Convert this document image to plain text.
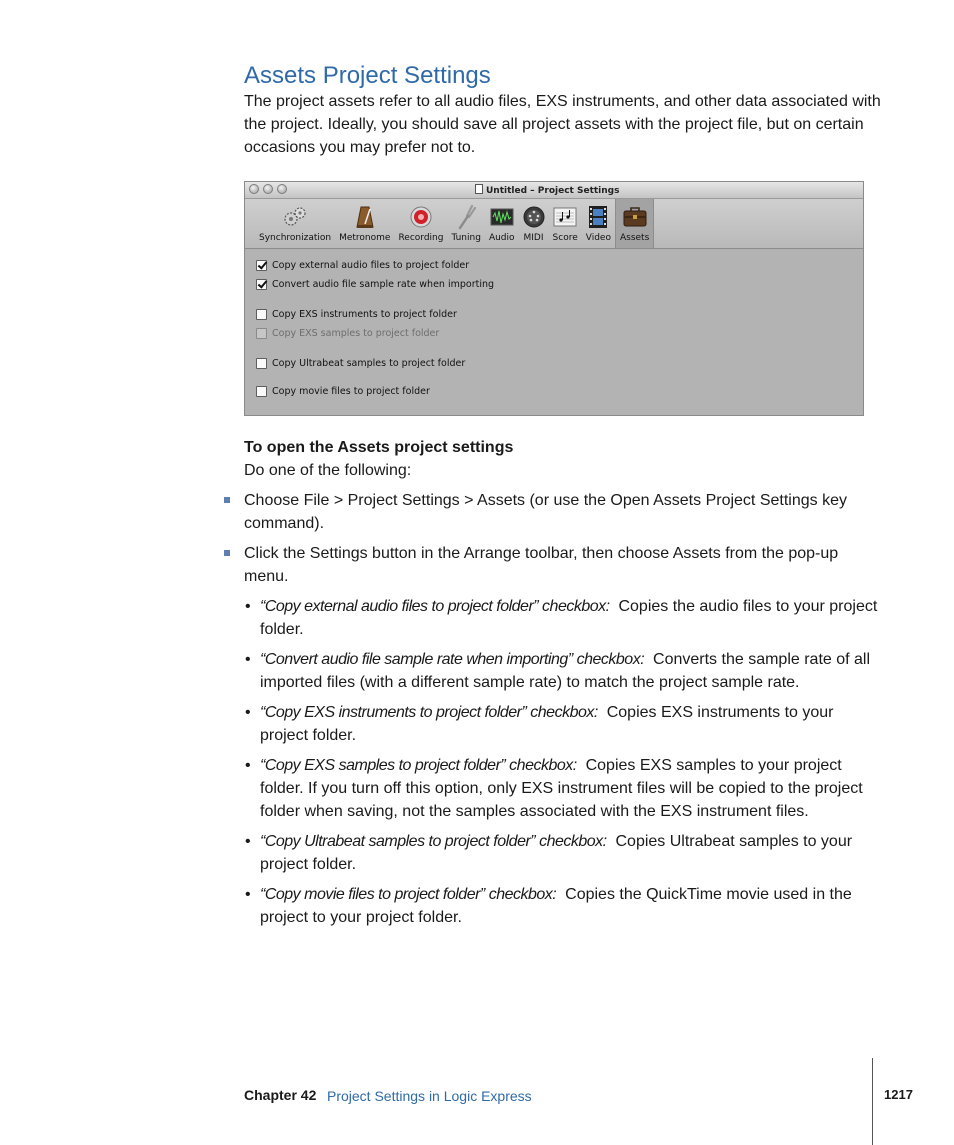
Assets Project Settings

The project assets refer to all audio files, EXS instruments, and other data associated with the project. Ideally, you should save all project assets with the project file, but on certain occasions you may prefer not to.

Untitled – Project Settings
Synchronization Metronome Recording Tuning Audio MIDI Score Video Assets
Copy external audio files to project folder
Convert audio file sample rate when importing
Copy EXS instruments to project folder
Copy EXS samples to project folder
Copy Ultrabeat samples to project folder
Copy movie files to project folder
To open the Assets project settings

Do one of the following:

Choose File > Project Settings > Assets (or use the Open Assets Project Settings key command).

Click the Settings button in the Arrange toolbar, then choose Assets from the pop-up menu.

• “Copy external audio files to project folder” checkbox: Copies the audio files to your project folder.

• “Convert audio file sample rate when importing” checkbox: Converts the sample rate of all imported files (with a different sample rate) to match the project sample rate.

• “Copy EXS instruments to project folder” checkbox: Copies EXS instruments to your project folder.

• “Copy EXS samples to project folder” checkbox: Copies EXS samples to your project folder. If you turn off this option, only EXS instrument files will be copied to the project folder when saving, not the samples associated with the EXS instrument files.

• “Copy Ultrabeat samples to project folder” checkbox: Copies Ultrabeat samples to your project folder.

• “Copy movie files to project folder” checkbox: Copies the QuickTime movie used in the project to your project folder.

Chapter 42 Project Settings in Logic Express	1217
